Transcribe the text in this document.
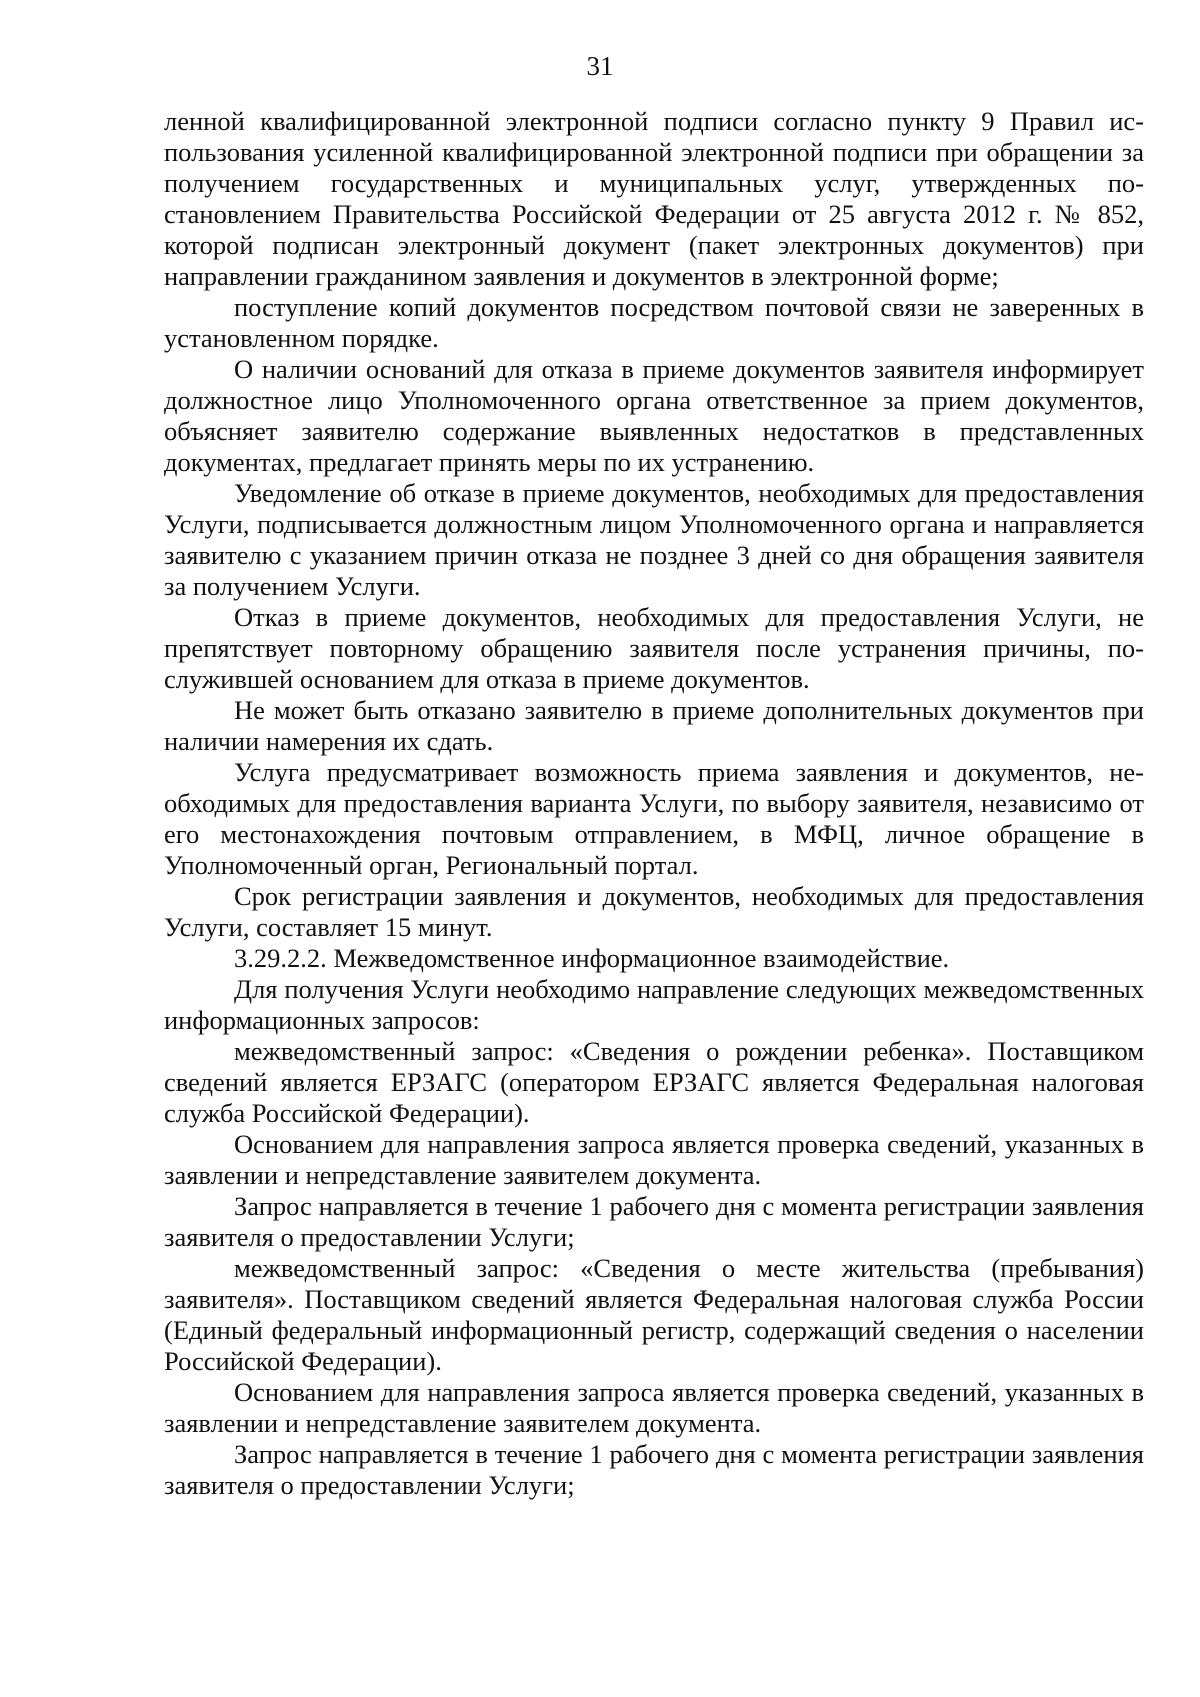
31

ленной квалифицированной электронной подписи согласно пункту 9 Правил использования усиленной квалифицированной электронной подписи при обращении за получением государственных и муниципальных услуг, утвержденных постановлением Правительства Российской Федерации от 25 августа 2012 г. № 852, которой подписан электронный документ (пакет электронных документов) при направлении гражданином заявления и документов в электронной форме;

поступление копий документов посредством почтовой связи не заверенных в установленном порядке.

О наличии оснований для отказа в приеме документов заявителя информирует должностное лицо Уполномоченного органа ответственное за прием документов, объясняет заявителю содержание выявленных недостатков в представленных документах, предлагает принять меры по их устранению.

Уведомление об отказе в приеме документов, необходимых для предоставления Услуги, подписывается должностным лицом Уполномоченного органа и направляется заявителю с указанием причин отказа не позднее 3 дней со дня обращения заявителя за получением Услуги.

Отказ в приеме документов, необходимых для предоставления Услуги, не препятствует повторному обращению заявителя после устранения причины, послужившей основанием для отказа в приеме документов.

Не может быть отказано заявителю в приеме дополнительных документов при наличии намерения их сдать.

Услуга предусматривает возможность приема заявления и документов, необходимых для предоставления варианта Услуги, по выбору заявителя, независимо от его местонахождения почтовым отправлением, в МФЦ, личное обращение в Уполномоченный орган, Региональный портал.

Срок регистрации заявления и документов, необходимых для предоставления Услуги, составляет 15 минут.

3.29.2.2. Межведомственное информационное взаимодействие.

Для получения Услуги необходимо направление следующих межведомственных информационных запросов:

межведомственный запрос: «Сведения о рождении ребенка». Поставщиком сведений является ЕРЗАГС (оператором ЕРЗАГС является Федеральная налоговая служба Российской Федерации).

Основанием для направления запроса является проверка сведений, указанных в заявлении и непредставление заявителем документа.

Запрос направляется в течение 1 рабочего дня с момента регистрации заявления заявителя о предоставлении Услуги;

межведомственный запрос: «Сведения о месте жительства (пребывания) заявителя». Поставщиком сведений является Федеральная налоговая служба России (Единый федеральный информационный регистр, содержащий сведения о населении Российской Федерации).

Основанием для направления запроса является проверка сведений, указанных в заявлении и непредставление заявителем документа.

Запрос направляется в течение 1 рабочего дня с момента регистрации заявления заявителя о предоставлении Услуги;
